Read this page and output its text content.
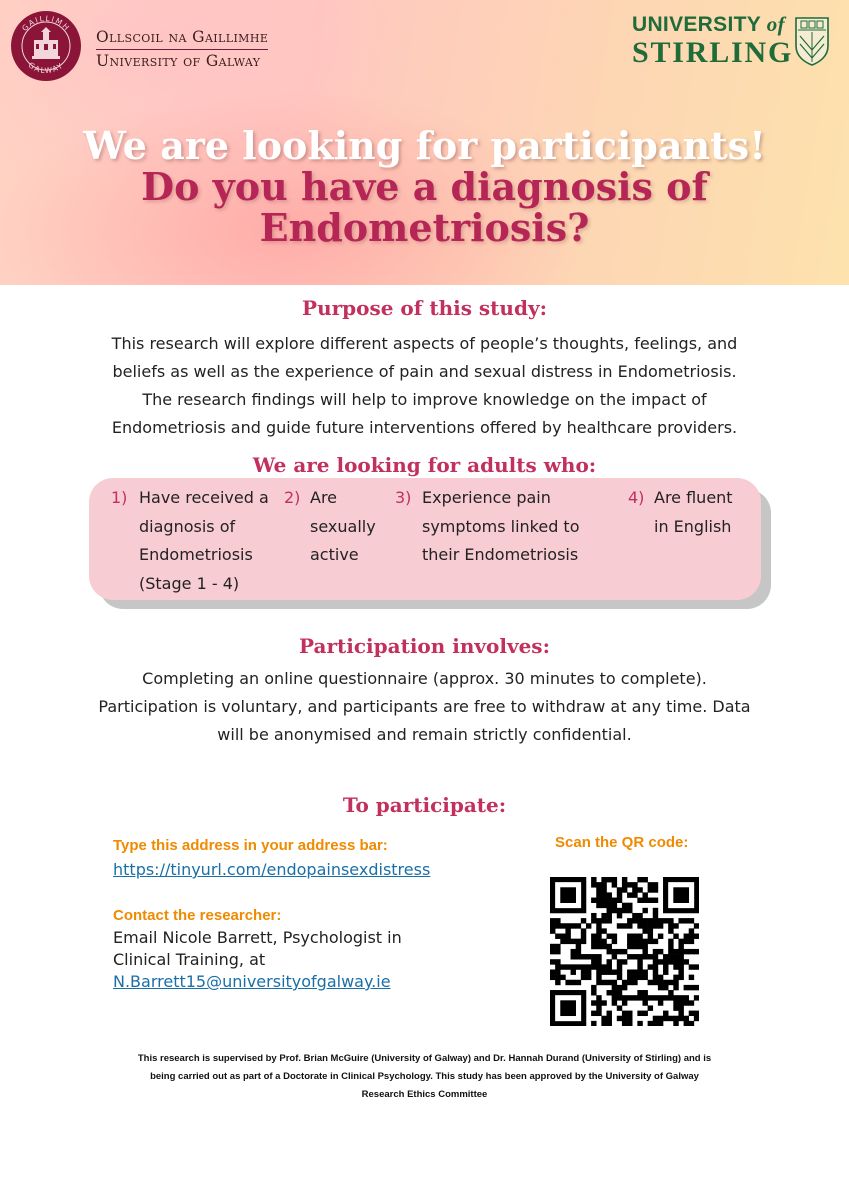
GAILLIMH
GALWAY
Ollscoil na Gaillimhe
University of Galway
UNIVERSITY of
STIRLING
We are looking for participants!
Do you have a diagnosis of
Endometriosis?
Purpose of this study:
This research will explore different aspects of people’s thoughts, feelings, and
beliefs as well as the experience of pain and sexual distress in Endometriosis.
The research findings will help to improve knowledge on the impact of
Endometriosis and guide future interventions offered by healthcare providers.
We are looking for adults who:
1) Have received a
diagnosis of
Endometriosis
(Stage 1 - 4)
2) Are
sexually
active
3) Experience pain
symptoms linked to
their Endometriosis
4) Are fluent
in English
Participation involves:
Completing an online questionnaire (approx. 30 minutes to complete).
Participation is voluntary, and participants are free to withdraw at any time. Data
will be anonymised and remain strictly confidential.
To participate:
Type this address in your address bar:
https://tinyurl.com/endopainsexdistress
Contact the researcher:
Email Nicole Barrett, Psychologist in
Clinical Training, at
N.Barrett15@universityofgalway.ie
Scan the QR code:
This research is supervised by Prof. Brian McGuire (University of Galway) and Dr. Hannah Durand (University of Stirling) and is
being carried out as part of a Doctorate in Clinical Psychology. This study has been approved by the University of Galway
Research Ethics Committee
